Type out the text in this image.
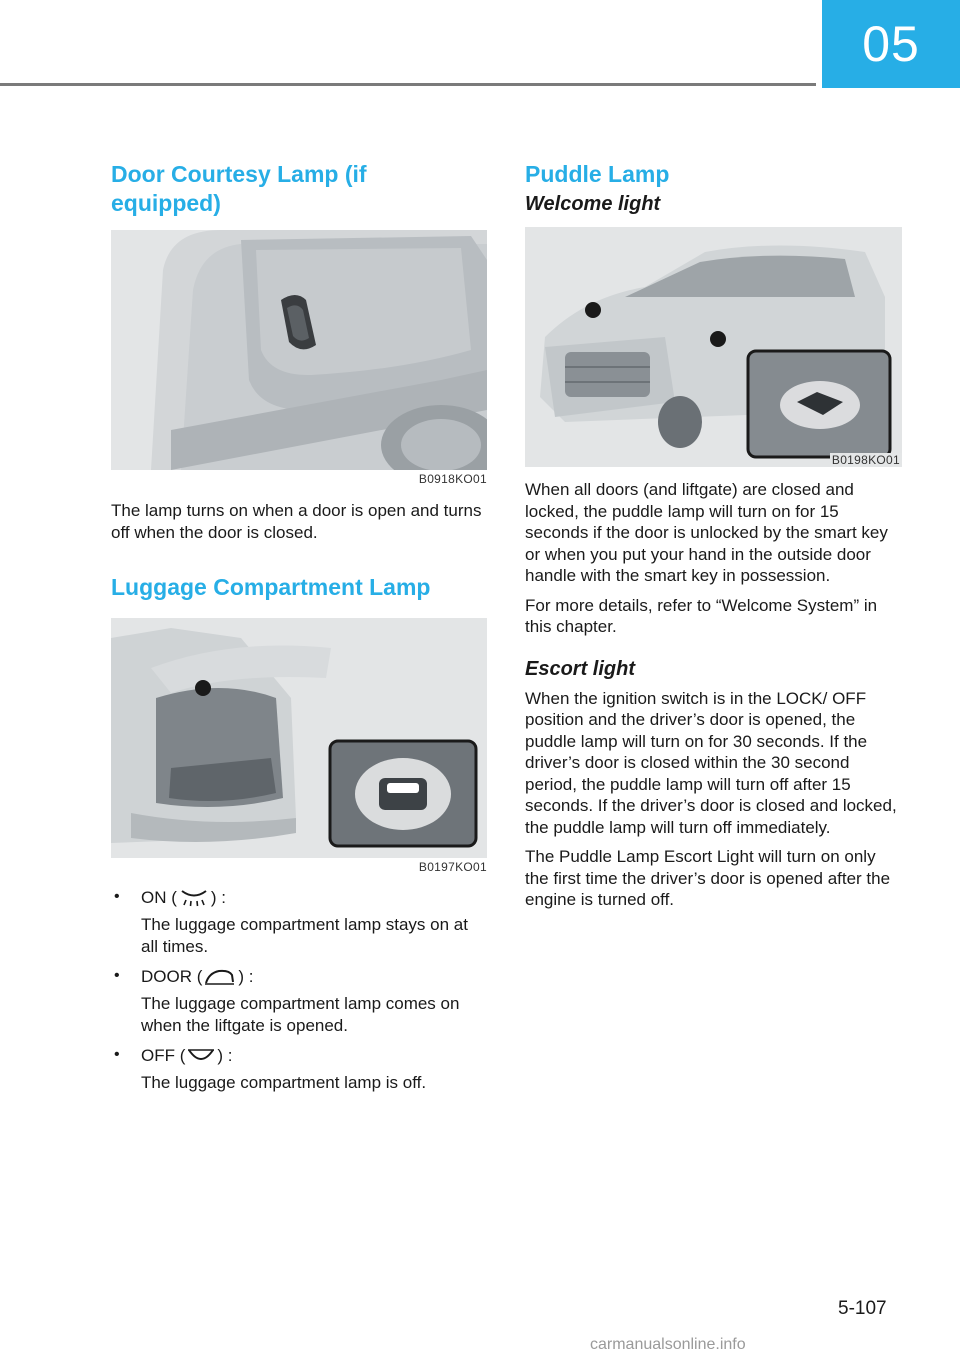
05
Door Courtesy Lamp (if equipped)
B0918KO01

The lamp turns on when a door is open and turns off when the door is closed.

Luggage Compartment Lamp
B0197KO01
• ON ( ) :

The luggage compartment lamp stays on at all times.

• DOOR ( ) :

The luggage compartment lamp comes on when the liftgate is opened.

• OFF ( ) :

The luggage compartment lamp is off.

Puddle Lamp
Welcome light
B0198KO01

When all doors (and liftgate) are closed and locked, the puddle lamp will turn on for 15 seconds if the door is unlocked by the smart key or when you put your hand in the outside door handle with the smart key in possession.

For more details, refer to “Welcome System” in this chapter.

Escort light

When the ignition switch is in the LOCK/ OFF position and the driver’s door is opened, the puddle lamp will turn on for 30 seconds. If the driver’s door is closed within the 30 second period, the puddle lamp will turn off after 15 seconds. If the driver’s door is closed and locked, the puddle lamp will turn off immediately.

The Puddle Lamp Escort Light will turn on only the first time the driver’s door is opened after the engine is turned off.

5-107
carmanualsonline.info
